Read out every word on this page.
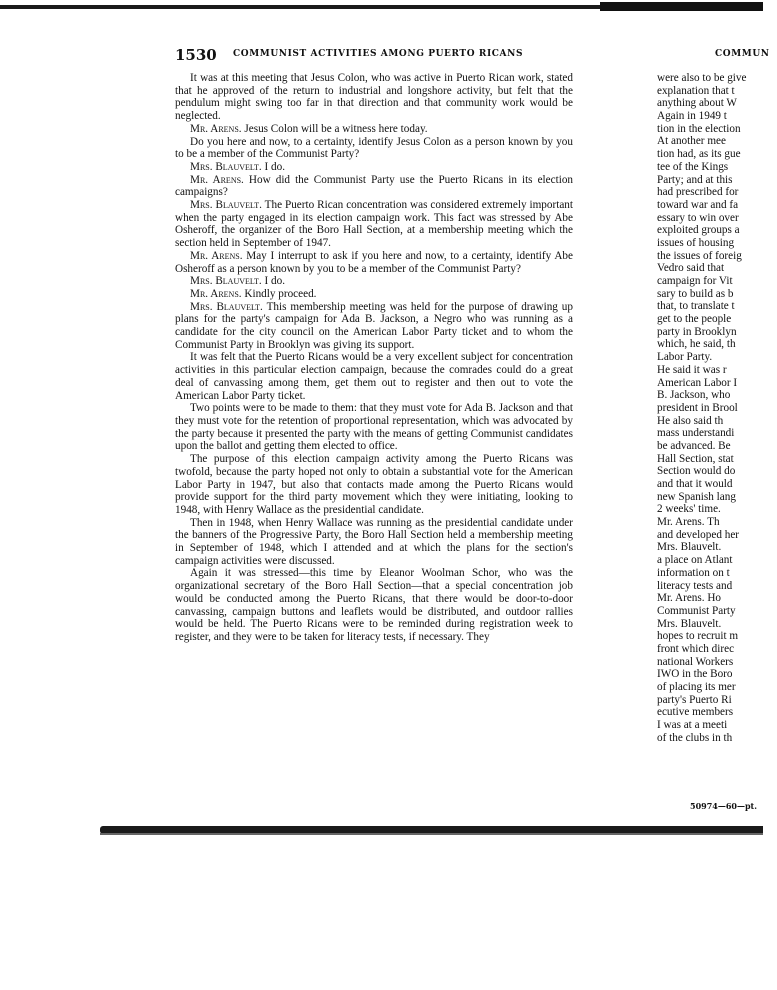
1530 COMMUNIST ACTIVITIES AMONG PUERTO RICANS	COMMUN

It was at this meeting that Jesus Colon, who was active in Puerto Rican work, stated that he approved of the return to industrial and longshore activity, but felt that the pendulum might swing too far in that direction and that community work would be neglected.

Mr. Arens. Jesus Colon will be a witness here today.

Do you here and now, to a certainty, identify Jesus Colon as a person known by you to be a member of the Communist Party?

Mrs. Blauvelt. I do.

Mr. Arens. How did the Communist Party use the Puerto Ricans in its election campaigns?

Mrs. Blauvelt. The Puerto Rican concentration was considered extremely important when the party engaged in its election campaign work. This fact was stressed by Abe Osheroff, the organizer of the Boro Hall Section, at a membership meeting which the section held in September of 1947.

Mr. Arens. May I interrupt to ask if you here and now, to a certainty, identify Abe Osheroff as a person known by you to be a member of the Communist Party?

Mrs. Blauvelt. I do.

Mr. Arens. Kindly proceed.

Mrs. Blauvelt. This membership meeting was held for the purpose of drawing up plans for the party's campaign for Ada B. Jackson, a Negro who was running as a candidate for the city council on the American Labor Party ticket and to whom the Communist Party in Brooklyn was giving its support.

It was felt that the Puerto Ricans would be a very excellent subject for concentration activities in this particular election campaign, because the comrades could do a great deal of canvassing among them, get them out to register and then out to vote the American Labor Party ticket.

Two points were to be made to them: that they must vote for Ada B. Jackson and that they must vote for the retention of proportional representation, which was advocated by the party because it presented the party with the means of getting Communist candidates upon the ballot and getting them elected to office.

The purpose of this election campaign activity among the Puerto Ricans was twofold, because the party hoped not only to obtain a substantial vote for the American Labor Party in 1947, but also that contacts made among the Puerto Ricans would provide support for the third party movement which they were initiating, looking to 1948, with Henry Wallace as the presidential candidate.

Then in 1948, when Henry Wallace was running as the presidential candidate under the banners of the Progressive Party, the Boro Hall Section held a membership meeting in September of 1948, which I attended and at which the plans for the section's campaign activities were discussed.

Again it was stressed—this time by Eleanor Woolman Schor, who was the organizational secretary of the Boro Hall Section—that a special concentration job would be conducted among the Puerto Ricans, that there would be door-to-door canvassing, campaign buttons and leaflets would be distributed, and outdoor rallies would be held. The Puerto Ricans were to be reminded during registration week to register, and they were to be taken for literacy tests, if necessary. They

were also to be give
explanation that t
anything about W
Again in 1949 t
tion in the election
At another mee
tion had, as its gue
tee of the Kings
Party; and at this
had prescribed for
toward war and fa
essary to win over
exploited groups a
issues of housing
the issues of foreig
Vedro said that
campaign for Vit
sary to build as b
that, to translate t
get to the people
party in Brooklyn
which, he said, th
Labor Party.
He said it was r
American Labor I
B. Jackson, who
president in Brool
He also said th
mass understandi
be advanced. Be
Hall Section, stat
Section would do
and that it would
new Spanish lang
2 weeks' time.
Mr. Arens. Th
and developed her
Mrs. Blauvelt.
a place on Atlant
information on t
literacy tests and
Mr. Arens. Ho
Communist Party
Mrs. Blauvelt.
hopes to recruit m
front which direc
national Workers
IWO in the Boro
of placing its mer
party's Puerto Ri
ecutive members
I was at a meeti
of the clubs in th
50974—60—pt.
